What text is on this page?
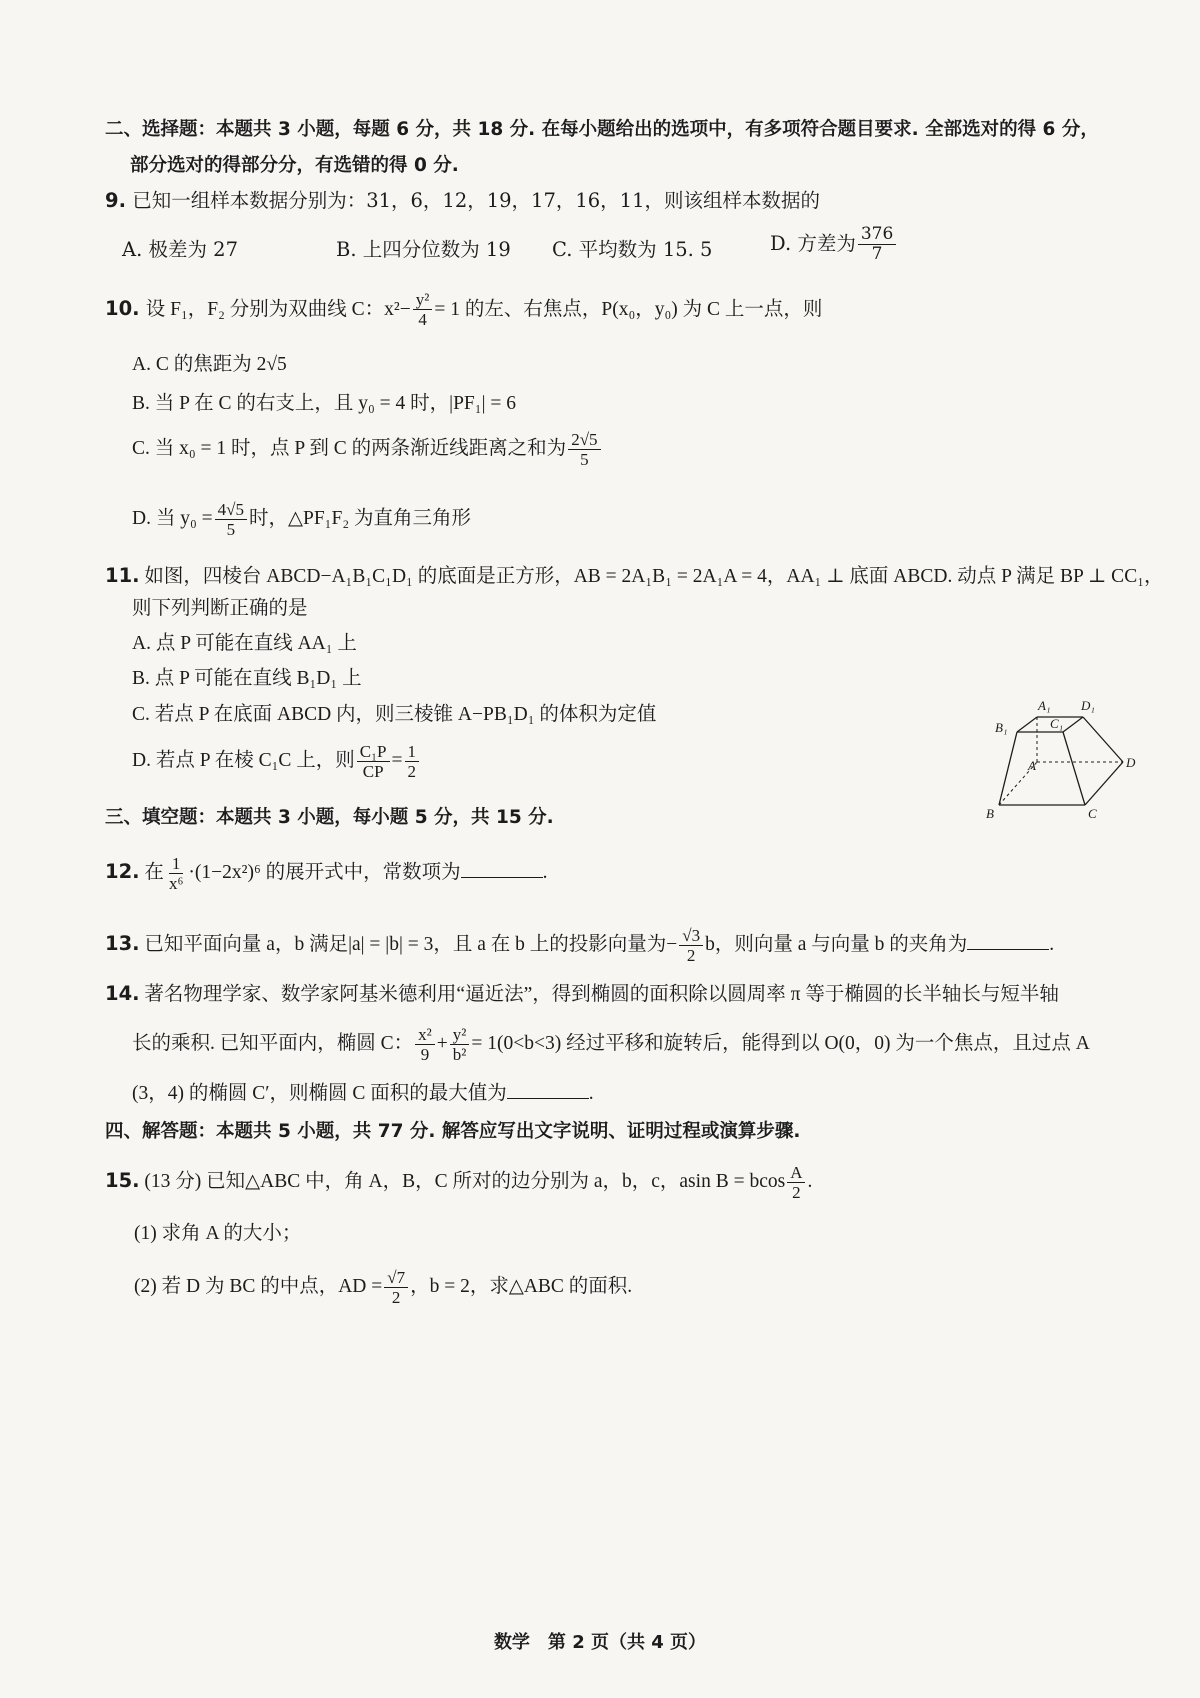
二、选择题：本题共 3 小题，每题 6 分，共 18 分. 在每小题给出的选项中，有多项符合题目要求. 全部选对的得 6 分，
部分选对的得部分分，有选错的得 0 分.
9. 已知一组样本数据分别为：31，6，12，19，17，16，11，则该组样本数据的
A. 极差为 27	B. 上四分位数为 19 C. 平均数为 15. 5	D. 方差为 $\frac{376}{7}$
10. 设 F₁，F₂ 分别为双曲线 C：$x^2- \frac{\text{y²}}{4} = 1$ 的左、右焦点，P(x₀，y₀) 为 C 上一点，则
A. C 的焦距为 2√5
B. 当 P 在 C 的右支上，且 y₀ = 4 时，|PF₁| = 6
C. 当 x₀ = 1 时，点 P 到 C 的两条渐近线距离之和为 $\frac{2√5}{5}$
D. 当 $y_0 = \frac{4√5}{5}$ 时，△PF₁F₂ 为直角三角形
11. 如图，四棱台 ABCD−A₁B₁C₁D₁ 的底面是正方形，AB = 2A₁B₁ = 2A₁A = 4，AA₁ ⊥ 底面 ABCD. 动点 P 满足 BP ⊥ CC₁，
则下列判断正确的是
A. 点 P 可能在直线 AA₁ 上
B. 点 P 可能在直线 B₁D₁ 上
C. 若点 P 在底面 ABCD 内，则三棱锥 A−PB₁D₁ 的体积为定值
D. 若点 P 在棱 C₁C 上，则 $\frac{\text{C₁P}}{CP} = \frac{1}{2}$
A₁ D₁
B₁	C₁
A	D
B	C
三、填空题：本题共 3 小题，每小题 5 分，共 15 分.
12. 在 $\frac{1}{\text{x⁶}} \cdot(1-2x^2)^6$ 的展开式中，常数项为	.
13. 已知平面向量 a，b 满足|a| = |b| = 3，且 a 在 b 上的投影向量为− $\frac{√3}{2}$ b，则向量 a 与向量 b 的夹角为	.
14. 著名物理学家、数学家阿基米德利用“逼近法”，得到椭圆的面积除以圆周率 π 等于椭圆的长半轴长与短半轴
长的乘积. 已知平面内，椭圆 C： $\frac{\text{x²}}{9} + \frac{\text{y²}}{\text{b²}} = 1(0<b<3)$ 经过平移和旋转后，能得到以 O(0，0) 为一个焦点，且过点 A
(3，4) 的椭圆 C′，则椭圆 C 面积的最大值为	.
四、解答题：本题共 5 小题，共 77 分. 解答应写出文字说明、证明过程或演算步骤.
15. (13 分) 已知△ABC 中，角 A，B，C 所对的边分别为 a，b，c，asin B = bcos $\frac{A}{2}$ .
(1) 求角 A 的大小；
(2) 若 D 为 BC 的中点，AD = $\frac{√7}{2}$ ，b = 2，求△ABC 的面积.
数学　第 2 页（共 4 页）
